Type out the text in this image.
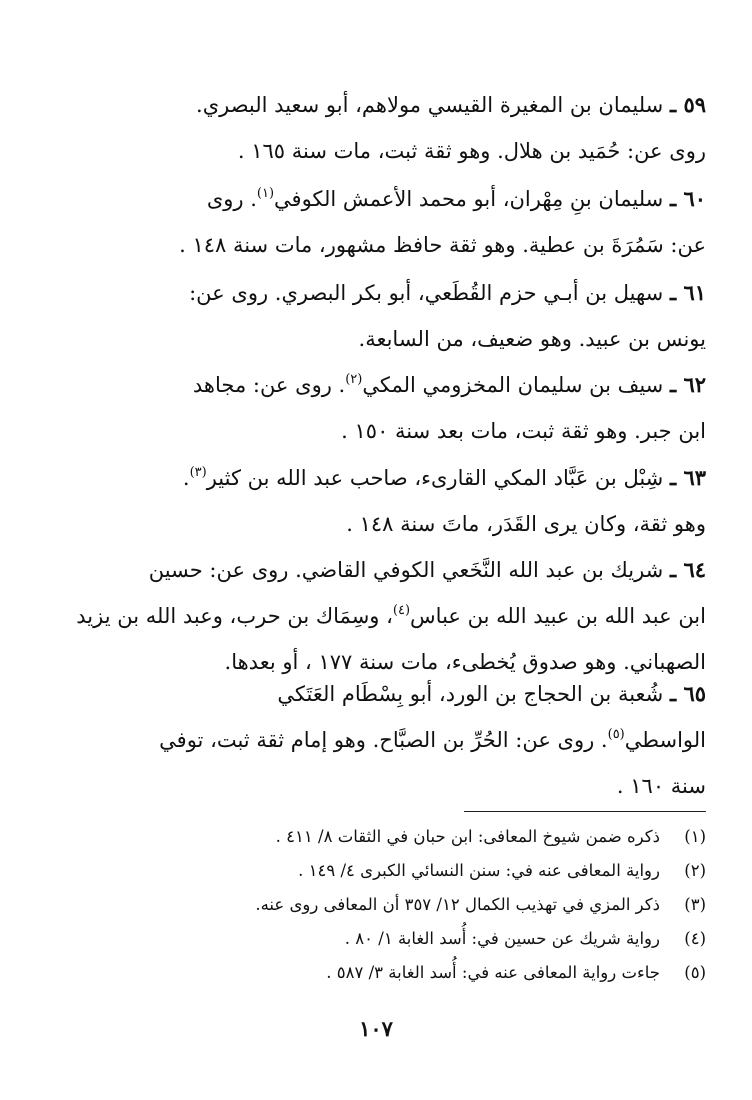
٥٩ ـ سليمان بن المغيرة القيسي مولاهم، أبو سعيد البصري.

روى عن: حُمَيد بن هلال. وهو ثقة ثبت، مات سنة ١٦٥ .

٦٠ ـ سليمان بنِ مِهْران، أبو محمد الأعمش الكوفي$^{(١)}$. روى

عن: سَمُرَةَ بن عطية. وهو ثقة حافظ مشهور، مات سنة ١٤٨ .

٦١ ـ سهيل بن أبـي حزم القُطَعي، أبو بكر البصري. روى عن:

يونس بن عبيد. وهو ضعيف، من السابعة.

٦٢ ـ سيف بن سليمان المخزومي المكي$^{(٢)}$. روى عن: مجاهد

ابن جبر. وهو ثقة ثبت، مات بعد سنة ١٥٠ .

٦٣ ـ شِبْل بن عَبَّاد المكي القارىء، صاحب عبد الله بن كثير$^{(٣)}$.

وهو ثقة، وكان يرى القَدَر، ماتَ سنة ١٤٨ .

٦٤ ـ شريك بن عبد الله النَّخَعي الكوفي القاضي. روى عن: حسين

ابن عبد الله بن عبيد الله بن عباس$^{(٤)}$، وسِمَاك بن حرب، وعبد الله بن يزيد

الصهباني. وهو صدوق يُخطىء، مات سنة ١٧٧ ، أو بعدها.

٦٥ ـ شُعبة بن الحجاج بن الورد، أبو بِسْطَام العَتَكي

الواسطي$^{(٥)}$. روى عن: الحُرِّ بن الصبَّاح. وهو إمام ثقة ثبت، توفي

سنة ١٦٠ .

(١)ذكره ضمن شيوخ المعافى: ابن حبان في الثقات ٨/ ٤١١ .
(٢)رواية المعافى عنه في: سنن النسائي الكبرى ٤/ ١٤٩ .
(٣)ذكر المزي في تهذيب الكمال ١٢/ ٣٥٧ أن المعافى روى عنه.
(٤)رواية شريك عن حسين في: أُسد الغابة ١/ ٨٠ .
(٥)جاءت رواية المعافى عنه في: أُسد الغابة ٣/ ٥٨٧ .
١٠٧
